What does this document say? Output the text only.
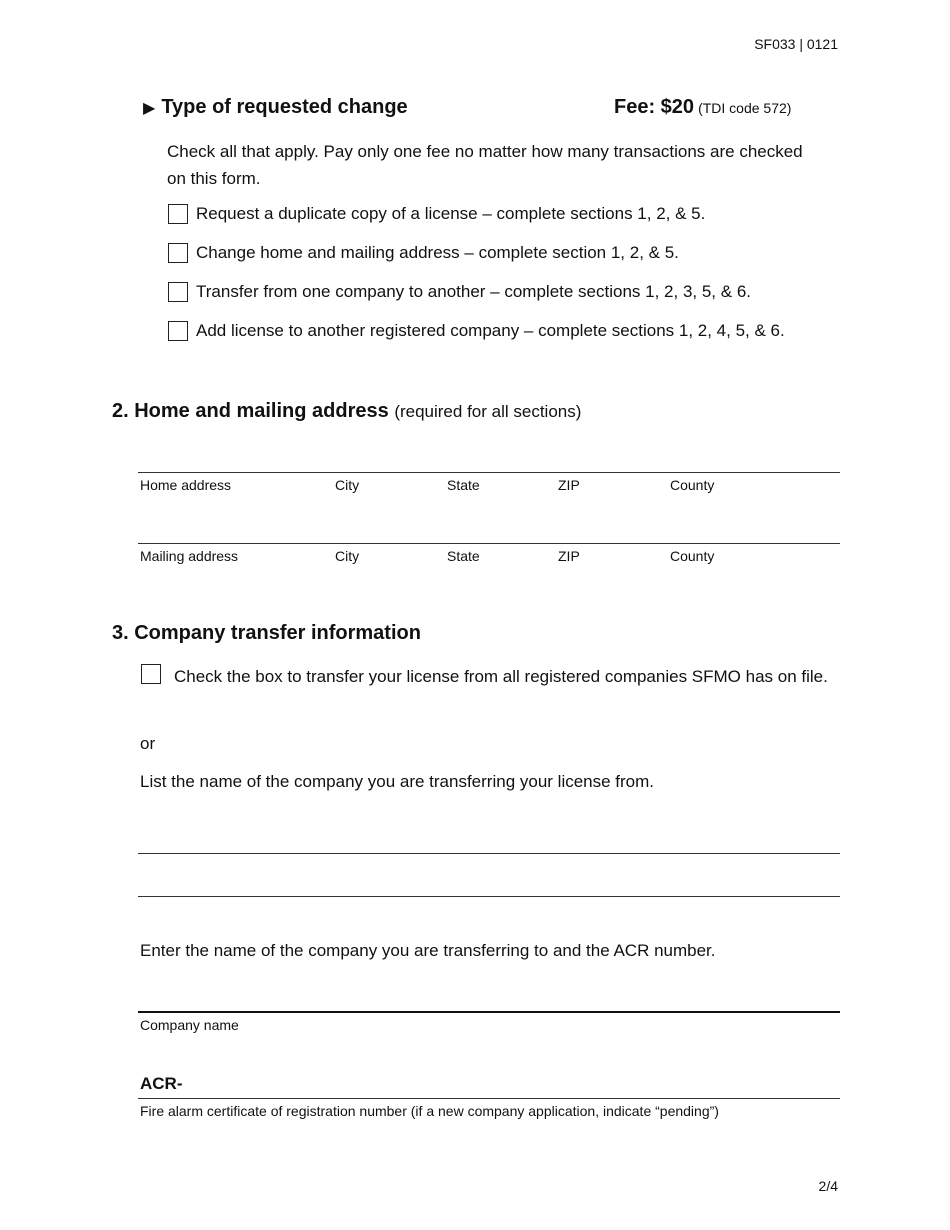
SF033 | 0121
▶ Type of requested change	Fee: $20 (TDI code 572)
Check all that apply. Pay only one fee no matter how many transactions are checked on this form.
Request a duplicate copy of a license – complete sections 1, 2, & 5.
Change home and mailing address – complete section 1, 2, & 5.
Transfer from one company to another – complete sections 1, 2, 3, 5, & 6.
Add license to another registered company – complete sections 1, 2, 4, 5, & 6.
2. Home and mailing address (required for all sections)
Home address	City	State	ZIP	County
Mailing address	City	State	ZIP	County
3. Company transfer information
Check the box to transfer your license from all registered companies SFMO has on file.
or
List the name of the company you are transferring your license from.
Enter the name of the company you are transferring to and the ACR number.
Company name
ACR-
Fire alarm certificate of registration number (if a new company application, indicate “pending”)
2/4
